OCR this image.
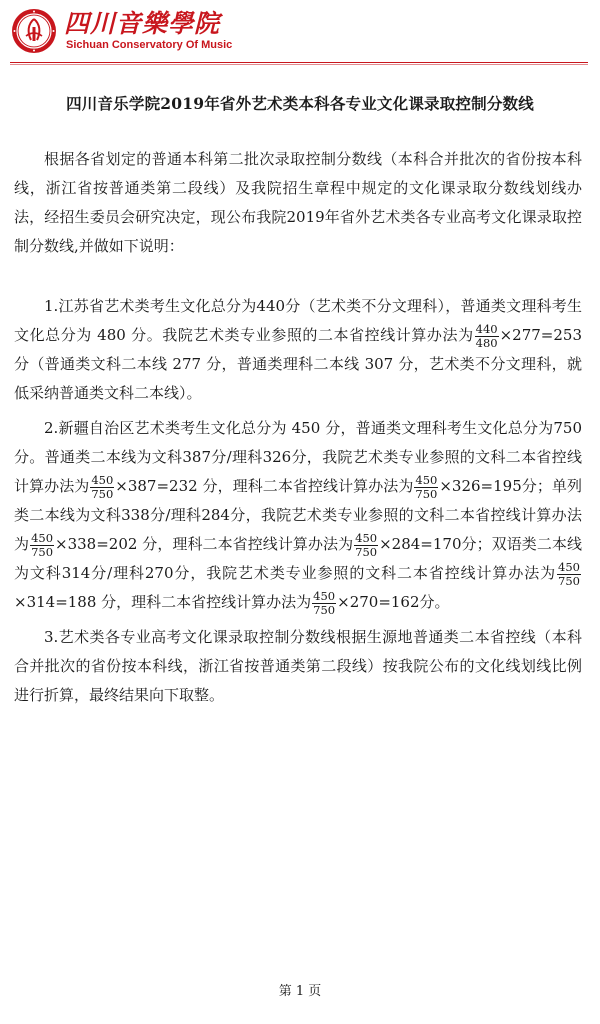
四川音樂學院
Sichuan Conservatory Of Music
四川音乐学院2019年省外艺术类本科各专业文化课录取控制分数线

根据各省划定的普通本科第二批次录取控制分数线（本科合并批次的省份按本科线，浙江省按普通类第二段线）及我院招生章程中规定的文化课录取分数线划线办法，经招生委员会研究决定，现公布我院2019年省外艺术类各专业高考文化课录取控制分数线,并做如下说明：

1.江苏省艺术类考生文化总分为440分（艺术类不分文理科），普通类文理科考生文化总分为 480 分。我院艺术类专业参照的二本省控线计算办法为 $\frac{440}{480} \times 277=253$ 分（普通类文科二本线 277 分，普通类理科二本线 307 分，艺术类不分文理科，就低采纳普通类文科二本线）。

2.新疆自治区艺术类考生文化总分为 450 分，普通类文理科考生文化总分为750分。普通类二本线为文科387分/理科326分，我院艺术类专业参照的文科二本省控线计算办法为 $\frac{450}{750} \times 387=232$ 分，理科二本省控线计算办法为 $\frac{450}{750} \times 326=195$分；单列类二本线为文科338分/理科284分，我院艺术类专业参照的文科二本省控线计算办法为 $\frac{450}{750} \times 338=202$ 分，理科二本省控线计算办法为 $\frac{450}{750} \times 284=170$分；双语类二本线为文科314分/理科270分，我院艺术类专业参照的文科二本省控线计算办法为 $\frac{450}{750}$
×314=188 分，理科二本省控线计算办法为 $\frac{450}{750} \times 270=162$分。

3.艺术类各专业高考文化课录取控制分数线根据生源地普通类二本省控线（本科合并批次的省份按本科线，浙江省按普通类第二段线）按我院公布的文化线划线比例进行折算，最终结果向下取整。

第 1 页
